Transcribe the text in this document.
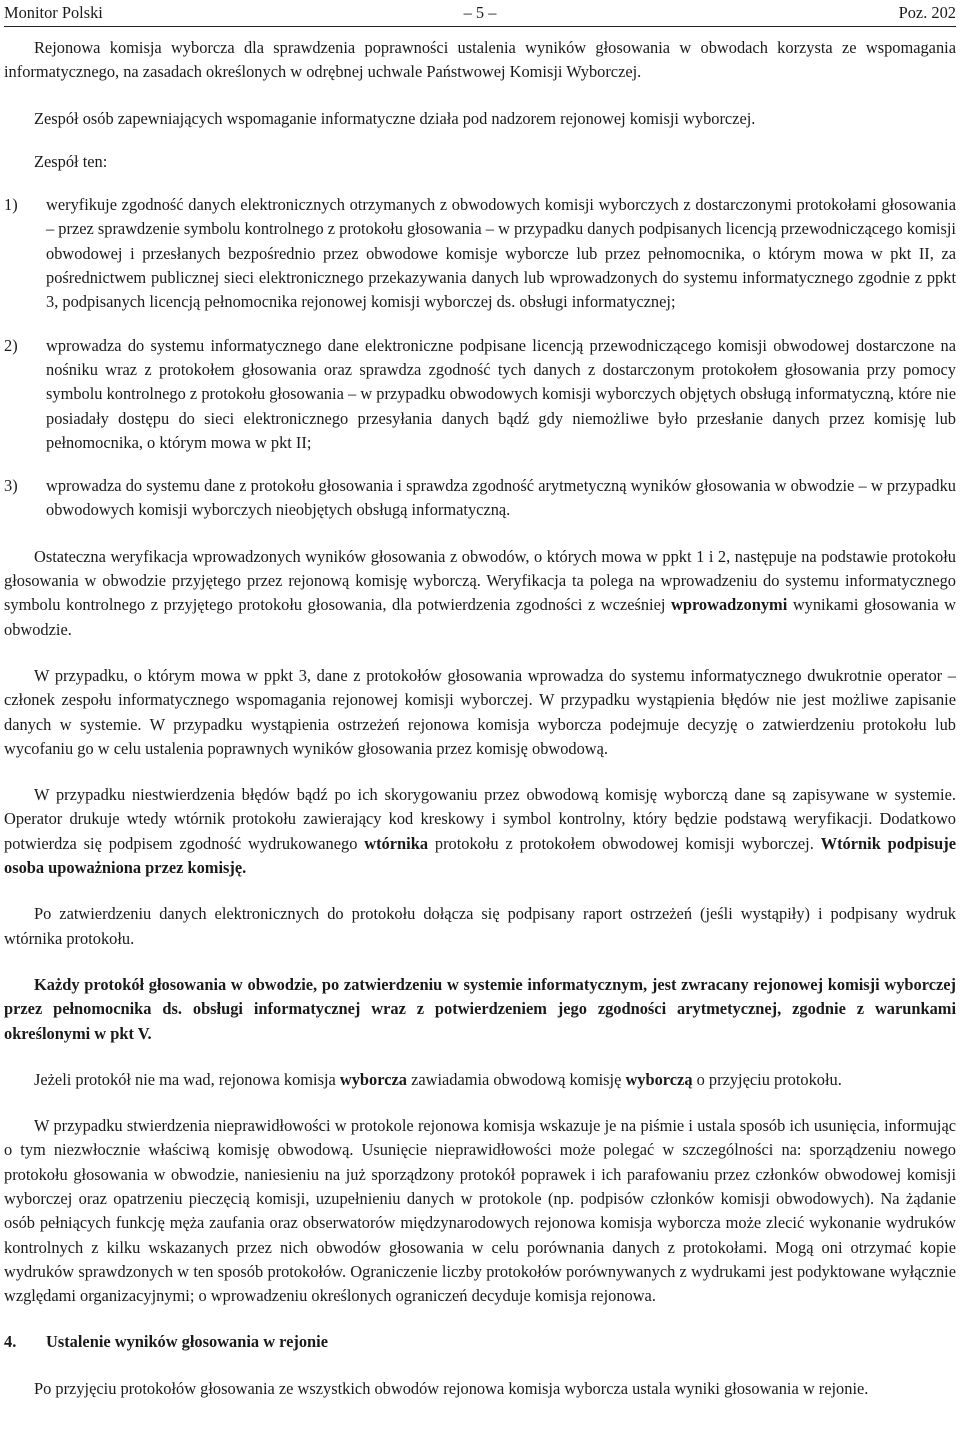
Monitor Polski	– 5 –	Poz. 202

Rejonowa komisja wyborcza dla sprawdzenia poprawności ustalenia wyników głosowania w obwodach korzysta ze wspomagania informatycznego, na zasadach określonych w odrębnej uchwale Państwowej Komisji Wyborczej.

Zespół osób zapewniających wspomaganie informatyczne działa pod nadzorem rejonowej komisji wyborczej.

Zespół ten:

1) weryfikuje zgodność danych elektronicznych otrzymanych z obwodowych komisji wyborczych z dostarczonymi protokołami głosowania – przez sprawdzenie symbolu kontrolnego z protokołu głosowania – w przypadku danych podpisanych licencją przewodniczącego komisji obwodowej i przesłanych bezpośrednio przez obwodowe komisje wyborcze lub przez pełnomocnika, o którym mowa w pkt II, za pośrednictwem publicznej sieci elektronicznego przekazywania danych lub wprowadzonych do systemu informatycznego zgodnie z ppkt 3, podpisanych licencją pełnomocnika rejonowej komisji wyborczej ds. obsługi informatycznej;
2) wprowadza do systemu informatycznego dane elektroniczne podpisane licencją przewodniczącego komisji obwodowej dostarczone na nośniku wraz z protokołem głosowania oraz sprawdza zgodność tych danych z dostarczonym protokołem głosowania przy pomocy symbolu kontrolnego z protokołu głosowania – w przypadku obwodowych komisji wyborczych objętych obsługą informatyczną, które nie posiadały dostępu do sieci elektronicznego przesyłania danych bądź gdy niemożliwe było przesłanie danych przez komisję lub pełnomocnika, o którym mowa w pkt II;
3) wprowadza do systemu dane z protokołu głosowania i sprawdza zgodność arytmetyczną wyników głosowania w obwodzie – w przypadku obwodowych komisji wyborczych nieobjętych obsługą informatyczną.

Ostateczna weryfikacja wprowadzonych wyników głosowania z obwodów, o których mowa w ppkt 1 i 2, następuje na podstawie protokołu głosowania w obwodzie przyjętego przez rejonową komisję wyborczą. Weryfikacja ta polega na wprowadzeniu do systemu informatycznego symbolu kontrolnego z przyjętego protokołu głosowania, dla potwierdzenia zgodności z wcześniej wprowadzonymi wynikami głosowania w obwodzie.

W przypadku, o którym mowa w ppkt 3, dane z protokołów głosowania wprowadza do systemu informatycznego dwukrotnie operator – członek zespołu informatycznego wspomagania rejonowej komisji wyborczej. W przypadku wystąpienia błędów nie jest możliwe zapisanie danych w systemie. W przypadku wystąpienia ostrzeżeń rejonowa komisja wyborcza podejmuje decyzję o zatwierdzeniu protokołu lub wycofaniu go w celu ustalenia poprawnych wyników głosowania przez komisję obwodową.

W przypadku niestwierdzenia błędów bądź po ich skorygowaniu przez obwodową komisję wyborczą dane są zapisywane w systemie. Operator drukuje wtedy wtórnik protokołu zawierający kod kreskowy i symbol kontrolny, który będzie podstawą weryfikacji. Dodatkowo potwierdza się podpisem zgodność wydrukowanego wtórnika protokołu z protokołem obwodowej komisji wyborczej. Wtórnik podpisuje osoba upoważniona przez komisję.

Po zatwierdzeniu danych elektronicznych do protokołu dołącza się podpisany raport ostrzeżeń (jeśli wystąpiły) i podpisany wydruk wtórnika protokołu.

Każdy protokół głosowania w obwodzie, po zatwierdzeniu w systemie informatycznym, jest zwracany rejonowej komisji wyborczej przez pełnomocnika ds. obsługi informatycznej wraz z potwierdzeniem jego zgodności arytmetycznej, zgodnie z warunkami określonymi w pkt V.

Jeżeli protokół nie ma wad, rejonowa komisja wyborcza zawiadamia obwodową komisję wyborczą o przyjęciu protokołu.

W przypadku stwierdzenia nieprawidłowości w protokole rejonowa komisja wskazuje je na piśmie i ustala sposób ich usunięcia, informując o tym niezwłocznie właściwą komisję obwodową. Usunięcie nieprawidłowości może polegać w szczególności na: sporządzeniu nowego protokołu głosowania w obwodzie, naniesieniu na już sporządzony protokół poprawek i ich parafowaniu przez członków obwodowej komisji wyborczej oraz opatrzeniu pieczęcią komisji, uzupełnieniu danych w protokole (np. podpisów członków komisji obwodowych). Na żądanie osób pełniących funkcję męża zaufania oraz obserwatorów międzynarodowych rejonowa komisja wyborcza może zlecić wykonanie wydruków kontrolnych z kilku wskazanych przez nich obwodów głosowania w celu porównania danych z protokołami. Mogą oni otrzymać kopie wydruków sprawdzonych w ten sposób protokołów. Ograniczenie liczby protokołów porównywanych z wydrukami jest podyktowane wyłącznie względami organizacyjnymi; o wprowadzeniu określonych ograniczeń decyduje komisja rejonowa.

4.	Ustalenie wyników głosowania w rejonie

Po przyjęciu protokołów głosowania ze wszystkich obwodów rejonowa komisja wyborcza ustala wyniki głosowania w rejonie.
